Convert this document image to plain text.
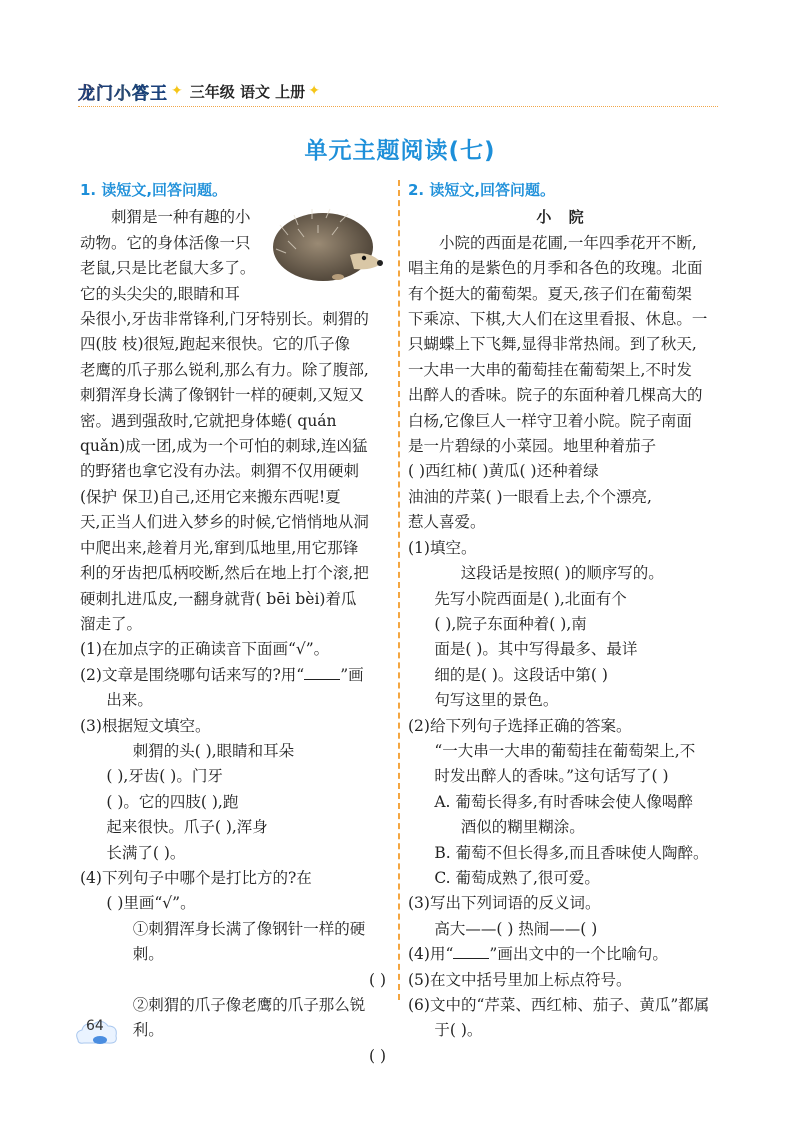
龙门小答王 ✦ 三年级 语文 上册 ✦
单元主题阅读(七)
1. 读短文,回答问题。

刺猬是一种有趣的小

动物。它的身体活像一只

老鼠,只是比老鼠大多了。

它的头尖尖的,眼睛和耳

朵很小,牙齿非常锋利,门牙特别长。刺猬的

四(肢 枝)很短,跑起来很快。它的爪子像

老鹰的爪子那么锐利,那么有力。除了腹部,

刺猬浑身长满了像钢针一样的硬刺,又短又

密。遇到强敌时,它就把身体蜷( quán

quǎn)成一团,成为一个可怕的刺球,连凶猛

的野猪也拿它没有办法。刺猬不仅用硬刺

(保护 保卫)自己,还用它来搬东西呢!夏

天,正当人们进入梦乡的时候,它悄悄地从洞

中爬出来,趁着月光,窜到瓜地里,用它那锋

利的牙齿把瓜柄咬断,然后在地上打个滚,把

硬刺扎进瓜皮,一翻身就背( bēi bèi)着瓜

溜走了。

(1)在加点字的正确读音下面画“√”。

(2)文章是围绕哪句话来写的?用“ ”画

出来。

(3)根据短文填空。

刺猬的头( ),眼睛和耳朵

( ),牙齿( )。门牙

( )。它的四肢( ),跑

起来很快。爪子( ),浑身

长满了( )。

(4)下列句子中哪个是打比方的?在

( )里画“√”。

①刺猬浑身长满了像钢针一样的硬刺。

( )

②刺猬的爪子像老鹰的爪子那么锐利。

( )

2. 读短文,回答问题。

小 院

小院的西面是花圃,一年四季花开不断,

唱主角的是紫色的月季和各色的玫瑰。北面

有个挺大的葡萄架。夏天,孩子们在葡萄架

下乘凉、下棋,大人们在这里看报、休息。一

只蝴蝶上下飞舞,显得非常热闹。到了秋天,

一大串一大串的葡萄挂在葡萄架上,不时发

出醉人的香味。院子的东面种着几棵高大的

白杨,它像巨人一样守卫着小院。院子南面

是一片碧绿的小菜园。地里种着茄子

( )西红柿( )黄瓜( )还种着绿

油油的芹菜( )一眼看上去,个个漂亮,

惹人喜爱。

(1)填空。

这段话是按照( )的顺序写的。

先写小院西面是( ),北面有个

( ),院子东面种着( ),南

面是( )。其中写得最多、最详

细的是( )。这段话中第( )

句写这里的景色。

(2)给下列句子选择正确的答案。

“一大串一大串的葡萄挂在葡萄架上,不

时发出醉人的香味。”这句话写了( )

A. 葡萄长得多,有时香味会使人像喝醉

酒似的糊里糊涂。

B. 葡萄不但长得多,而且香味使人陶醉。

C. 葡萄成熟了,很可爱。

(3)写出下列词语的反义词。

高大——( ) 热闹——( )

(4)用“ ”画出文中的一个比喻句。

(5)在文中括号里加上标点符号。

(6)文中的“芹菜、西红柿、茄子、黄瓜”都属

于( )。

64
